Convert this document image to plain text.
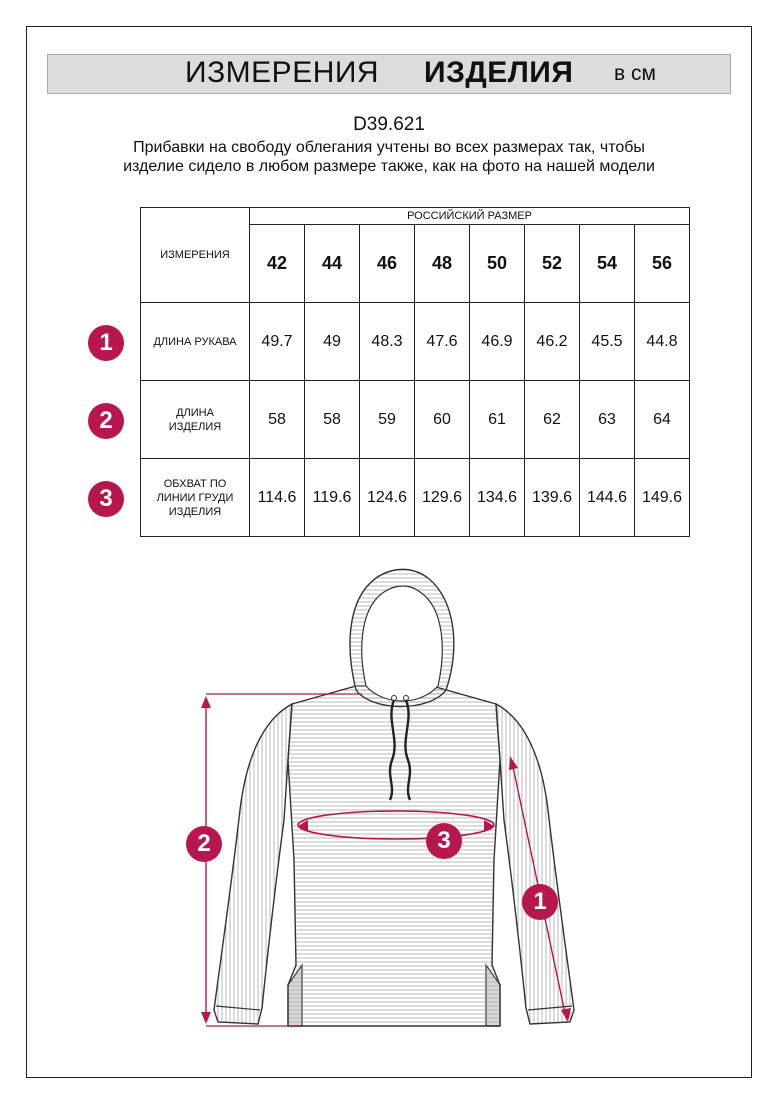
ИЗМЕРЕНИЯ ИЗДЕЛИЯ в см
D39.621
Прибавки на свободу облегания учтены во всех размерах так, чтобы изделие сидело в любом размере также, как на фото на нашей модели
ИЗМЕРЕНИЯ	РОССИЙСКИЙ РАЗМЕР							
	42	44	46	48	50	52	54	56
ДЛИНА РУКАВА	49.7	49	48.3	47.6	46.9	46.2	45.5	44.8
ДЛИНА ИЗДЕЛИЯ	58	58	59	60	61	62	63	64
ОБХВАТ ПО ЛИНИИ ГРУДИ ИЗДЕЛИЯ	114.6	119.6	124.6	129.6	134.6	139.6	144.6	149.6
1
2
3
2	3
1
